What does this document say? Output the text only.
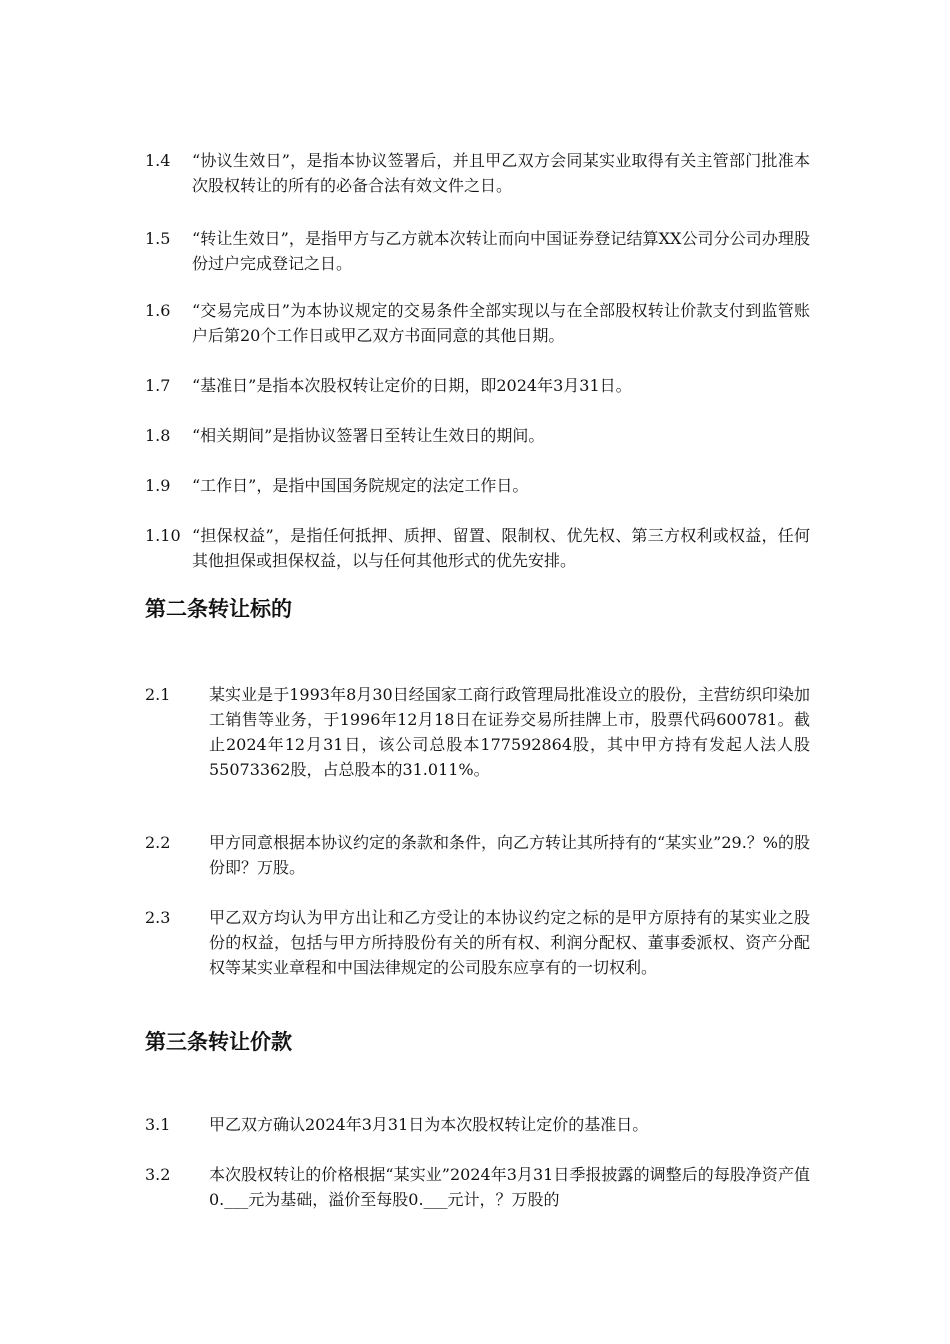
1.4 “协议生效日”，是指本协议签署后，并且甲乙双方会同某实业取得有关主管部门批准本次股权转让的所有的必备合法有效文件之日。
1.5 “转让生效日”，是指甲方与乙方就本次转让而向中国证券登记结算XX公司分公司办理股份过户完成登记之日。
1.6 “交易完成日”为本协议规定的交易条件全部实现以与在全部股权转让价款支付到监管账户后第20个工作日或甲乙双方书面同意的其他日期。
1.7 “基准日”是指本次股权转让定价的日期，即2024年3月31日。
1.8 “相关期间”是指协议签署日至转让生效日的期间。
1.9 “工作日”，是指中国国务院规定的法定工作日。
1.10 “担保权益”，是指任何抵押、质押、留置、限制权、优先权、第三方权利或权益，任何其他担保或担保权益，以与任何其他形式的优先安排。
第二条转让标的
2.1 某实业是于1993年8月30日经国家工商行政管理局批准设立的股份，主营纺织印染加工销售等业务，于1996年12月18日在证券交易所挂牌上市，股票代码600781。截止2024年12月31日，该公司总股本177592864股，其中甲方持有发起人法人股55073362股，占总股本的31.011%。
2.2 甲方同意根据本协议约定的条款和条件，向乙方转让其所持有的“某实业”29.？%的股份即？万股。
2.3 甲乙双方均认为甲方出让和乙方受让的本协议约定之标的是甲方原持有的某实业之股份的权益，包括与甲方所持股份有关的所有权、利润分配权、董事委派权、资产分配权等某实业章程和中国法律规定的公司股东应享有的一切权利。
第三条转让价款
3.1 甲乙双方确认2024年3月31日为本次股权转让定价的基准日。
3.2 本次股权转让的价格根据“某实业”2024年3月31日季报披露的调整后的每股净资产值0.___元为基础，溢价至每股0.___元计，？万股的
